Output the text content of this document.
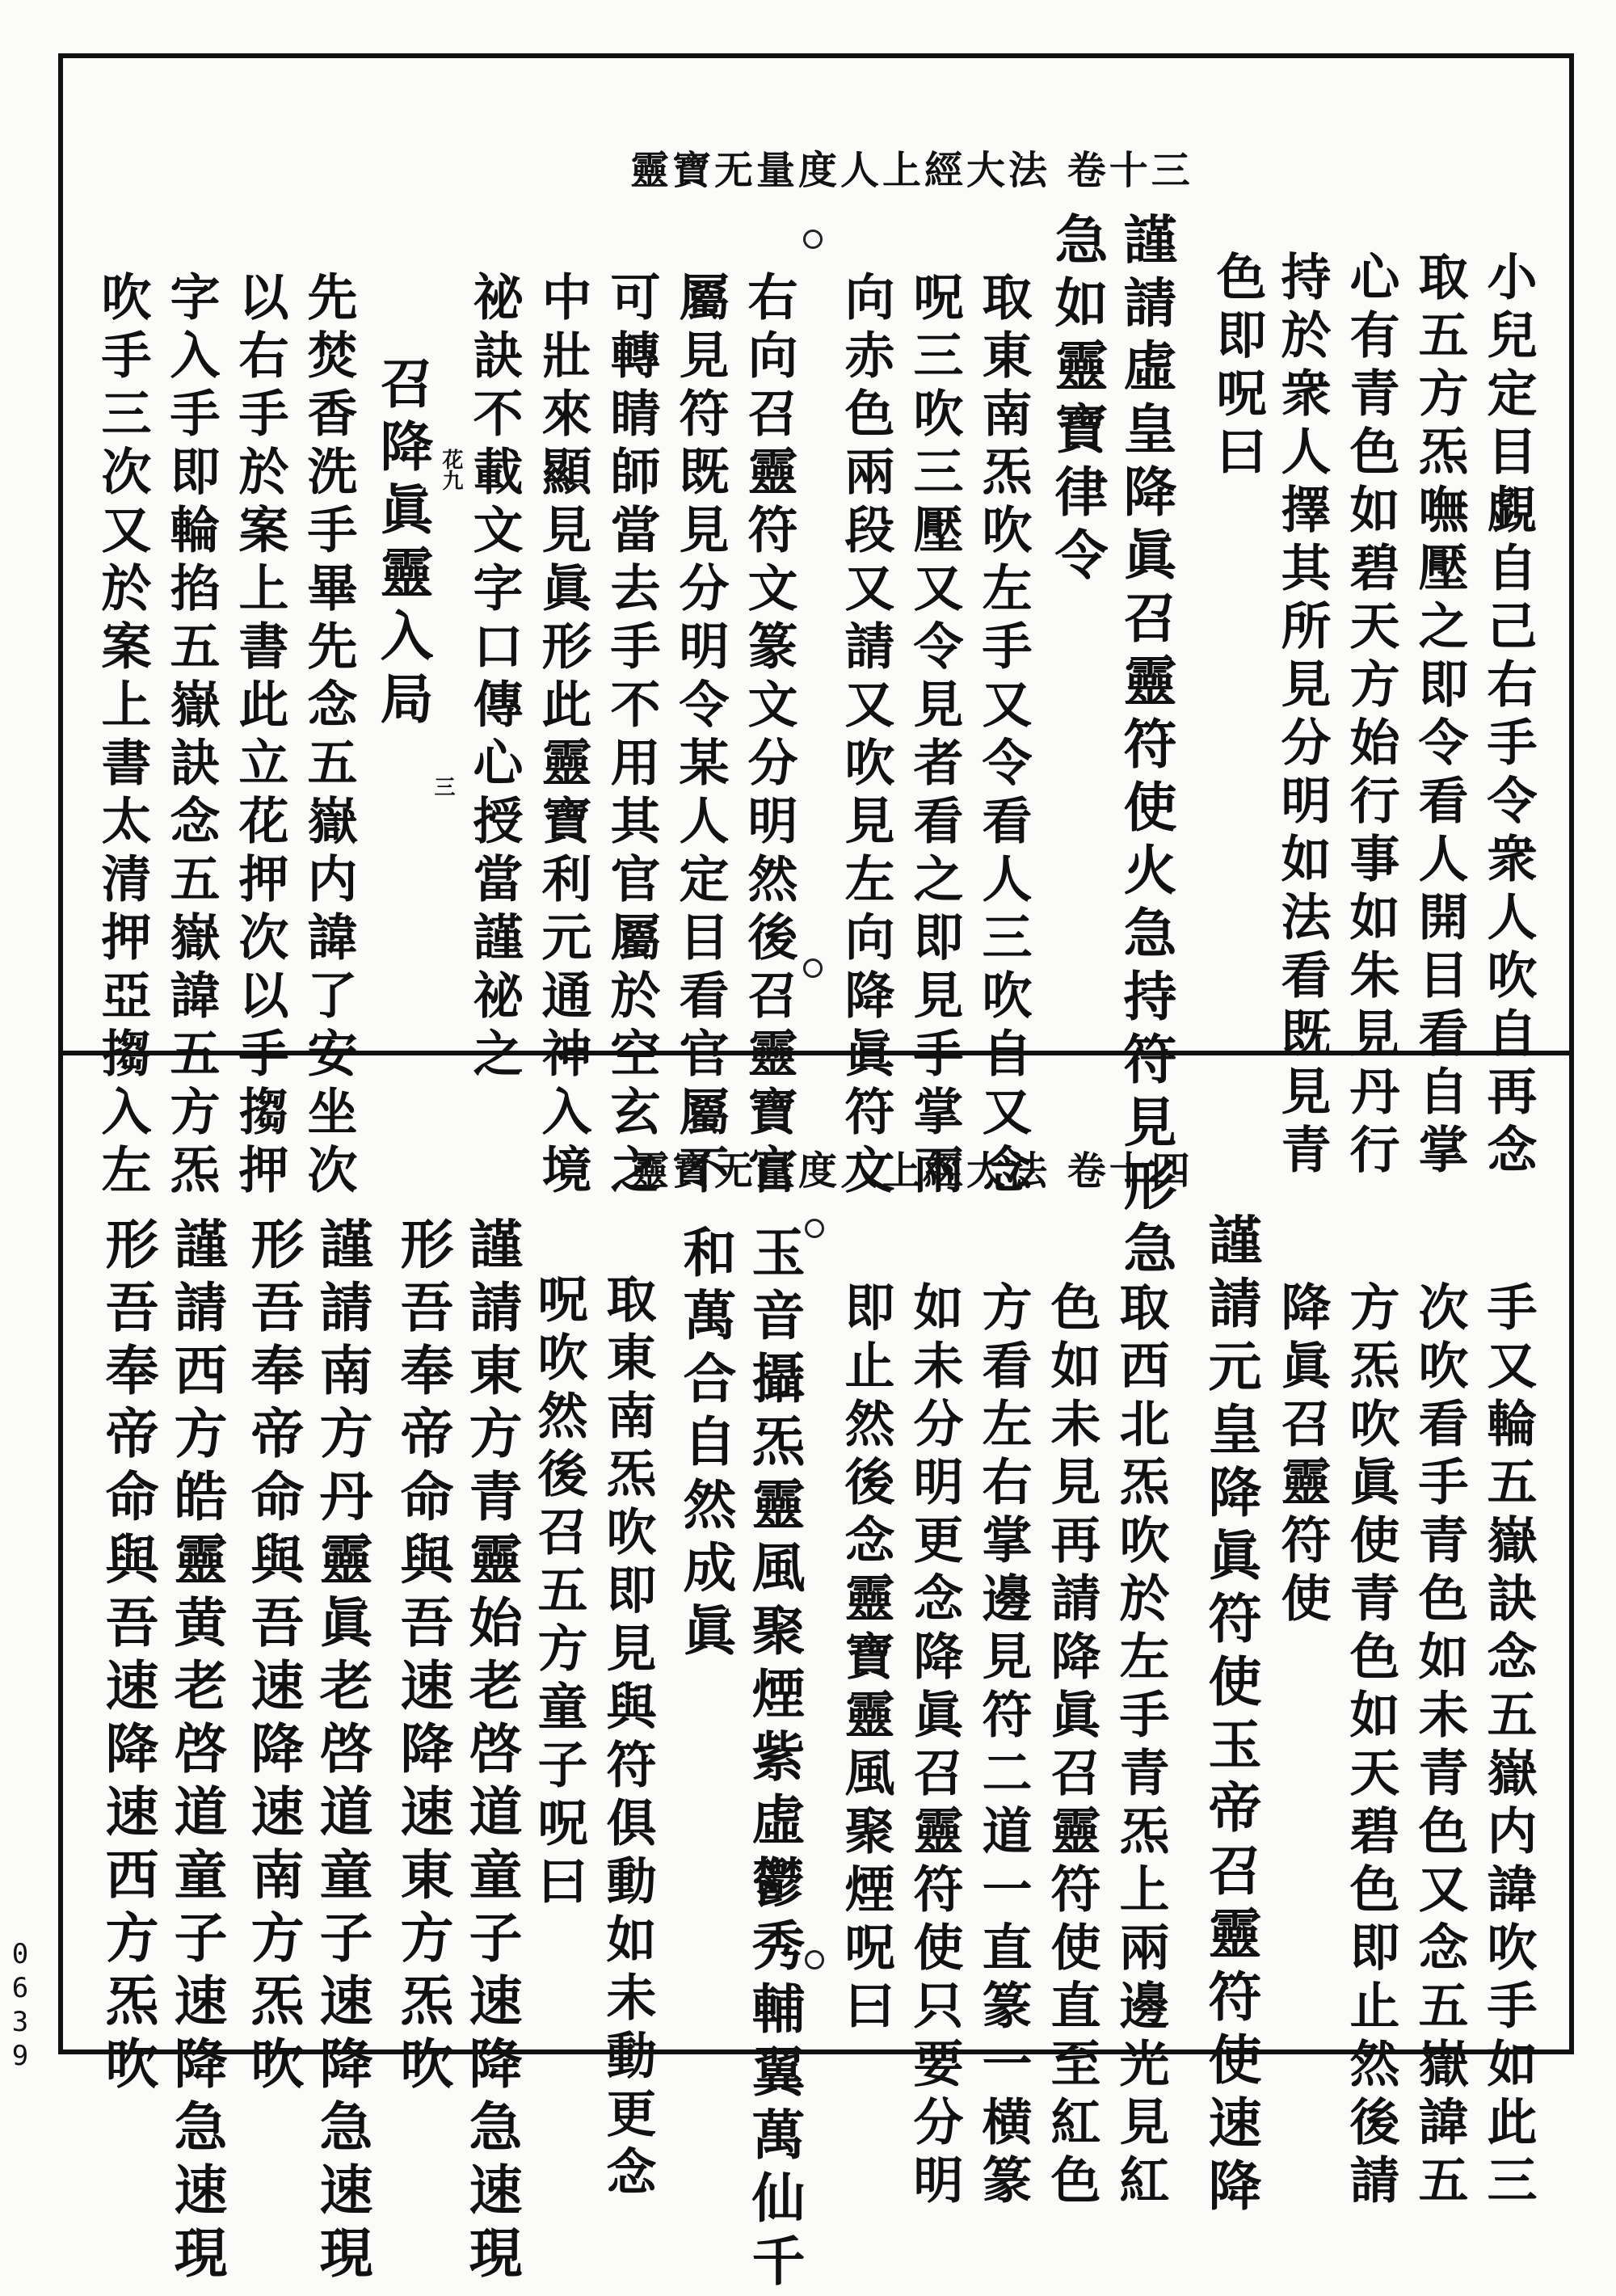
靈寶无量度人上經大法 卷十三
小兒定目覷自己右手令衆人吹自再念
取五方炁嘸壓之即令看人開目看自掌
心有青色如碧天方始行事如朱見丹行
持於衆人擇其所見分明如法看既見青
色即呪曰
謹請虛皇降眞召靈符使火急持符見形急
急如靈寶律令
取東南炁吹左手又令看人三吹自又念
呪三吹三壓又令見者看之即見手掌兩
向赤色兩段又請又吹見左向降眞符文
右向召靈符文篆文分明然後召靈寶官
屬見符既見分明令某人定目看官屬不
可轉睛師當去手不用其官屬於空玄之
中壯來顯見眞形此靈寶利元通神入境
祕訣不載文字口傳心授當謹祕之
召降眞靈入局
先焚香洗手畢先念五嶽内諱了安坐次
以右手於案上書此立花押次以手搊押
字入手即輪掐五嶽訣念五嶽諱五方炁
吹手三次又於案上書太清押亞搊入左	花九
三
靈寶无量度人上經大法 卷十四
手又輪五嶽訣念五嶽内諱吹手如此三
次吹看手青色如未青色又念五嶽諱五
方炁吹眞使青色如天碧色即止然後請
降眞召靈符使
謹請元皇降眞符使玉帝召靈符使速降
取西北炁吹於左手青炁上兩邊光見紅
色如未見再請降眞召靈符使直至紅色
方看左右掌邊見符二道一直篆一横篆
如未分明更念降眞召靈符使只要分明
即止然後念靈寶靈風聚煙呪曰
玉音攝炁靈風聚煙紫虛鬱秀輔翼萬仙千
和萬合自然成眞
取東南炁吹即見與符俱動如未動更念
呪吹然後召五方童子呪曰
謹請東方青靈始老啓道童子速降急速現
形吾奉帝命與吾速降速東方炁吹
謹請南方丹靈眞老啓道童子速降急速現
形吾奉帝命與吾速降速南方炁吹
謹請西方皓靈黄老啓道童子速降急速現
形吾奉帝命與吾速降速西方炁吹
0639
